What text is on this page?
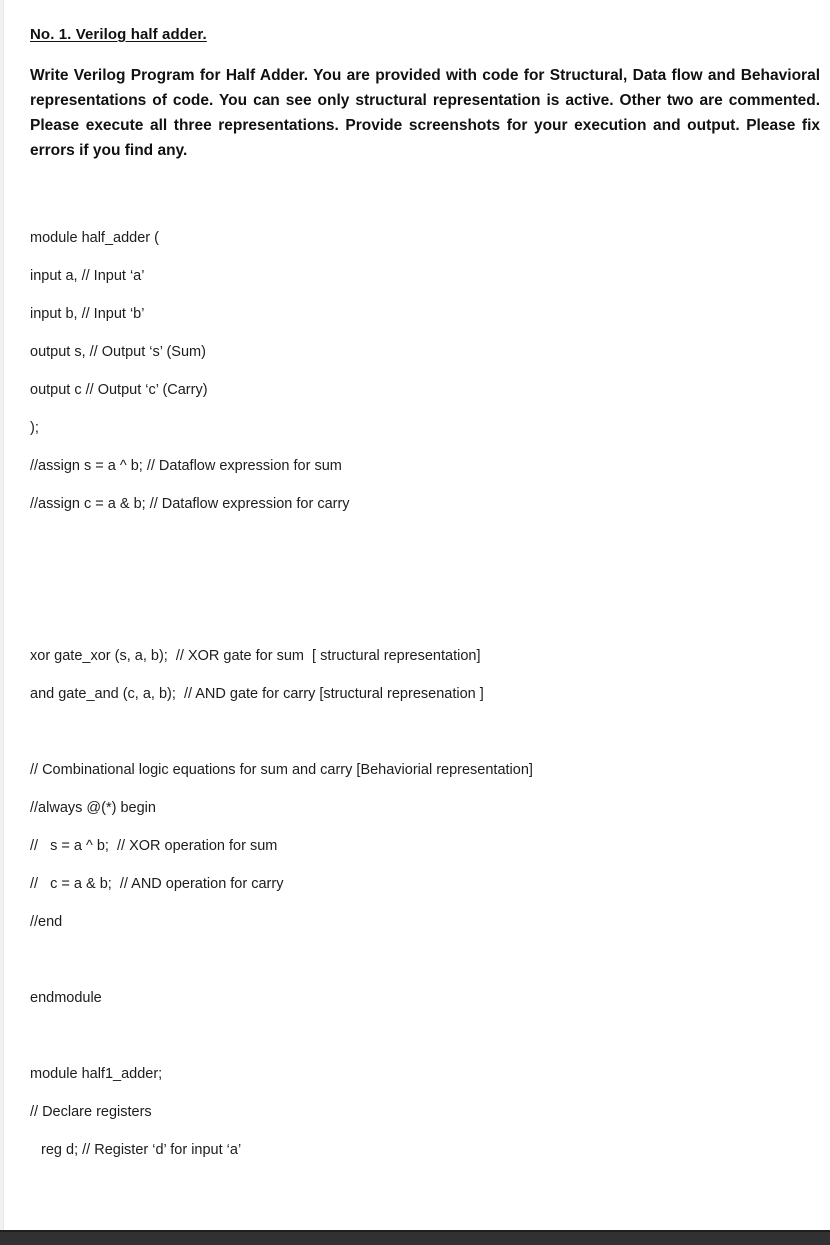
No. 1. Verilog half adder.
Write Verilog Program for Half Adder. You are provided with code for Structural, Data flow and Behavioral representations of code. You can see only structural representation is active. Other two are commented. Please execute all three representations. Provide screenshots for your execution and output. Please fix errors if you find any.
module half_adder (
input a, // Input ‘a’
input b, // Input ‘b’
output s, // Output ‘s’ (Sum)
output c // Output ‘c’ (Carry)
);
//assign s = a ^ b; // Dataflow expression for sum
//assign c = a & b; // Dataflow expression for carry

xor gate_xor (s, a, b);  // XOR gate for sum  [ structural representation]
and gate_and (c, a, b);  // AND gate for carry [structural represenation ]

// Combinational logic equations for sum and carry [Behaviorial representation]
//always @(*) begin
//   s = a ^ b;  // XOR operation for sum
//   c = a & b;  // AND operation for carry
//end

endmodule

module half1_adder;
// Declare registers
reg d; // Register ‘d’ for input ‘a’
